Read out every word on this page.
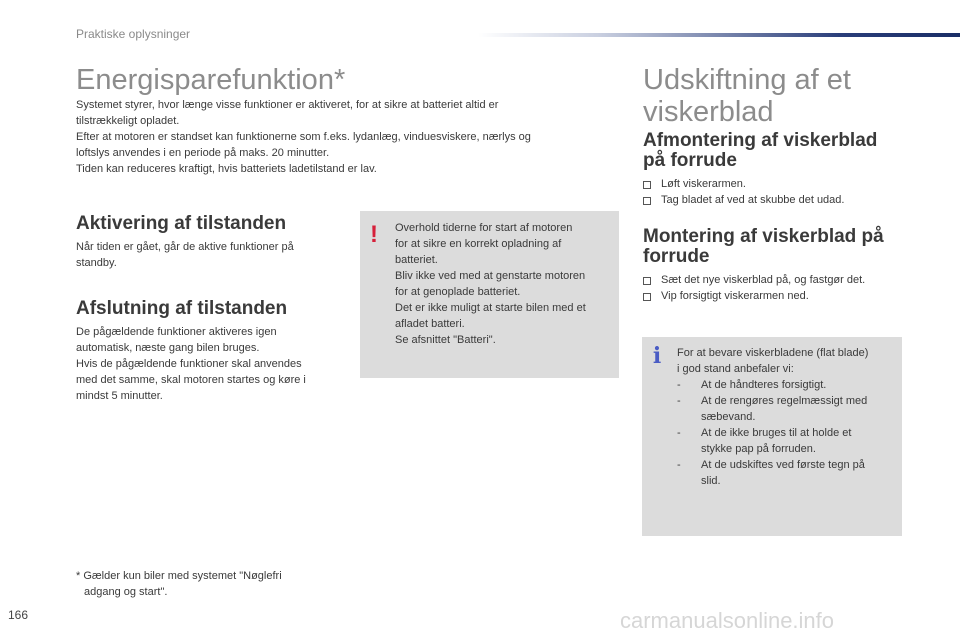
Praktiske oplysninger
Energisparefunktion*

Systemet styrer, hvor længe visse funktioner er aktiveret, for at sikre at batteriet altid er

tilstrækkeligt opladet.

Efter at motoren er standset kan funktionerne som f.eks. lydanlæg, vinduesviskere, nærlys og

loftslys anvendes i en periode på maks. 20 minutter.

Tiden kan reduceres kraftigt, hvis batteriets ladetilstand er lav.

Aktivering af tilstanden

Når tiden er gået, går de aktive funktioner på

standby.

Afslutning af tilstanden

De pågældende funktioner aktiveres igen

automatisk, næste gang bilen bruges.

Hvis de pågældende funktioner skal anvendes

med det samme, skal motoren startes og køre i

mindst 5 minutter.

* Gælder kun biler med systemet "Nøglefri

adgang og start".

!	Overhold tiderne for start af motoren
for at sikre en korrekt opladning af
batteriet.
Bliv ikke ved med at genstarte motoren
for at genoplade batteriet.
Det er ikke muligt at starte bilen med et
afladet batteri.
Se afsnittet "Batteri".
Udskiftning af et
viskerblad
Afmontering af viskerblad
på forrude
Løft viskerarmen.
Tag bladet af ved at skubbe det udad.
Montering af viskerblad på
forrude
Sæt det nye viskerblad på, og fastgør det.
Vip forsigtigt viskerarmen ned.
i	For at bevare viskerbladene (flat blade)
i god stand anbefaler vi:
- At de håndteres forsigtigt.
- At de rengøres regelmæssigt med
sæbevand.
- At de ikke bruges til at holde et
stykke pap på forruden.
- At de udskiftes ved første tegn på
slid.
166	carmanualsonline.info
